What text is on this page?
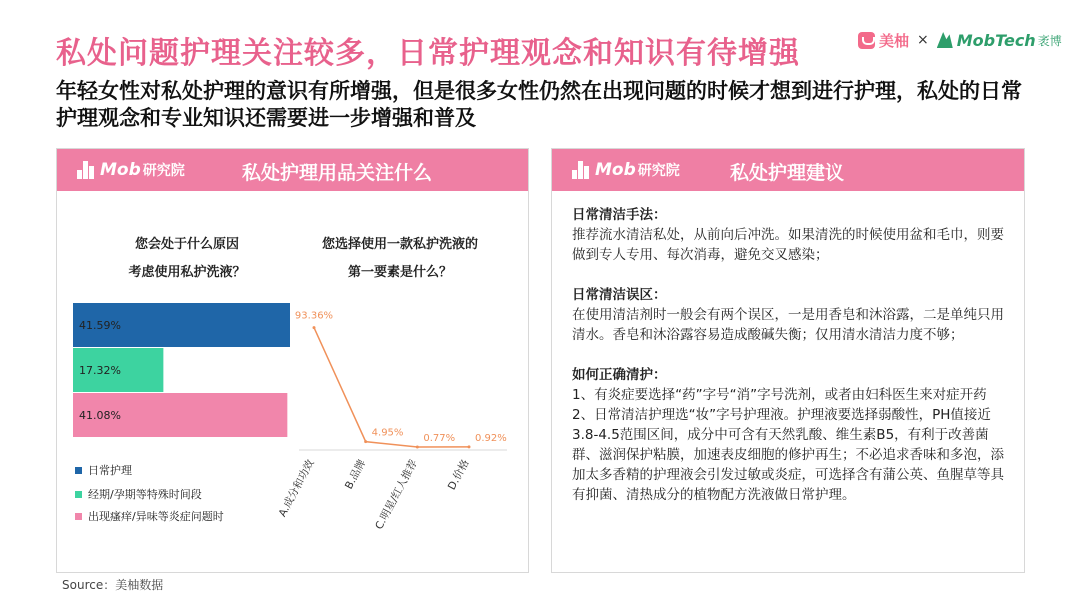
私处问题护理关注较多，日常护理观念和知识有待增强	美柚 × MobTech 袤博
年轻女性对私处护理的意识有所增强，但是很多女性仍然在出现问题的时候才想到进行护理，私处的日常护理观念和专业知识还需要进一步增强和普及
Mob 研究院	私处护理用品关注什么
您会处于什么原因
考虑使用私护洗液？
您选择使用一款私护洗液的
第一要素是什么？
41.59%
17.32%
41.08%
93.36%
A.成分和功效
4.95%
B.品牌
0.77%
C.明星/红人推荐
0.92%
D.价格
日常护理
经期/孕期等特殊时间段
出现瘙痒/异味等炎症问题时
Mob 研究院	私处护理建议

日常清洁手法：

推荐流水清洁私处，从前向后冲洗。如果清洗的时候使用盆和毛巾，则要做到专人专用、每次消毒，避免交叉感染；

日常清洁误区：

在使用清洁剂时一般会有两个误区，一是用香皂和沐浴露，二是单纯只用清水。香皂和沐浴露容易造成酸碱失衡；仅用清水清洁力度不够；

如何正确清护：

1、有炎症要选择“药”字号“消”字号洗剂，或者由妇科医生来对症开药

2、日常清洁护理选“妆”字号护理液。护理液要选择弱酸性，PH值接近3.8-4.5范围区间，成分中可含有天然乳酸、维生素B5，有利于改善菌群、滋润保护粘膜，加速表皮细胞的修护再生；不必追求香味和多泡，添加太多香精的护理液会引发过敏或炎症，可选择含有蒲公英、鱼腥草等具有抑菌、清热成分的植物配方洗液做日常护理。

Source：美柚数据
